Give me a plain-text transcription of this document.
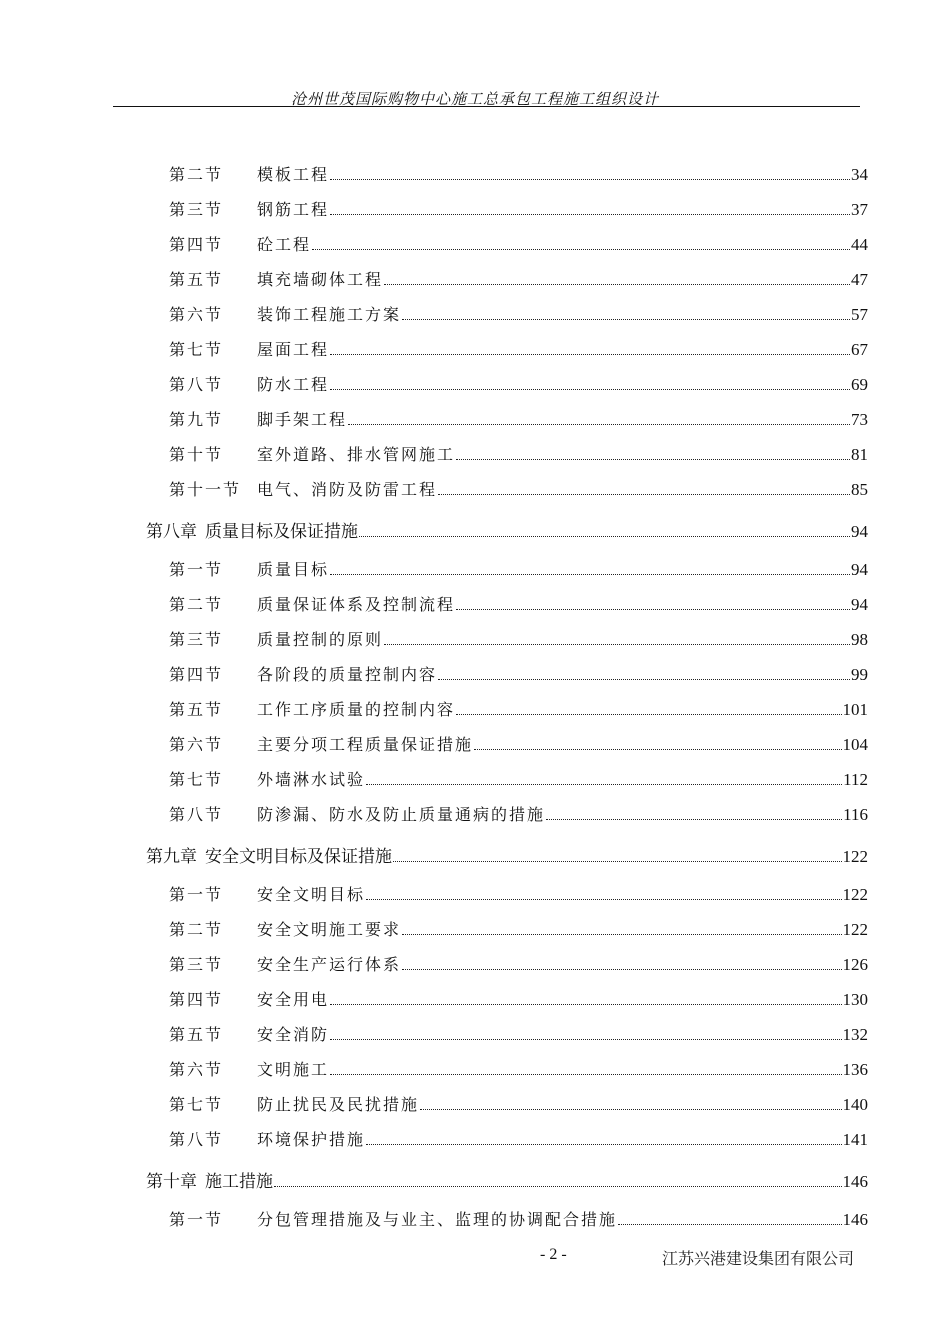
沧州世茂国际购物中心施工总承包工程施工组织设计
第二节	模板工程	34
第三节	钢筋工程	37
第四节	砼工程	44
第五节	填充墙砌体工程	47
第六节	装饰工程施工方案	57
第七节	屋面工程	67
第八节	防水工程	69
第九节	脚手架工程	73
第十节	室外道路、排水管网施工	81
第十一节 电气、消防及防雷工程	85
第八章 质量目标及保证措施	94
第一节	质量目标	94
第二节	质量保证体系及控制流程	94
第三节	质量控制的原则	98
第四节	各阶段的质量控制内容	99
第五节	工作工序质量的控制内容	101
第六节	主要分项工程质量保证措施	104
第七节	外墙淋水试验	112
第八节	防渗漏、防水及防止质量通病的措施	116
第九章 安全文明目标及保证措施	122
第一节	安全文明目标	122
第二节	安全文明施工要求	122
第三节	安全生产运行体系	126
第四节	安全用电	130
第五节	安全消防	132
第六节	文明施工	136
第七节	防止扰民及民扰措施	140
第八节	环境保护措施	141
第十章 施工措施	146
第一节	分包管理措施及与业主、监理的协调配合措施	146
- 2 -	江苏兴港建设集团有限公司
